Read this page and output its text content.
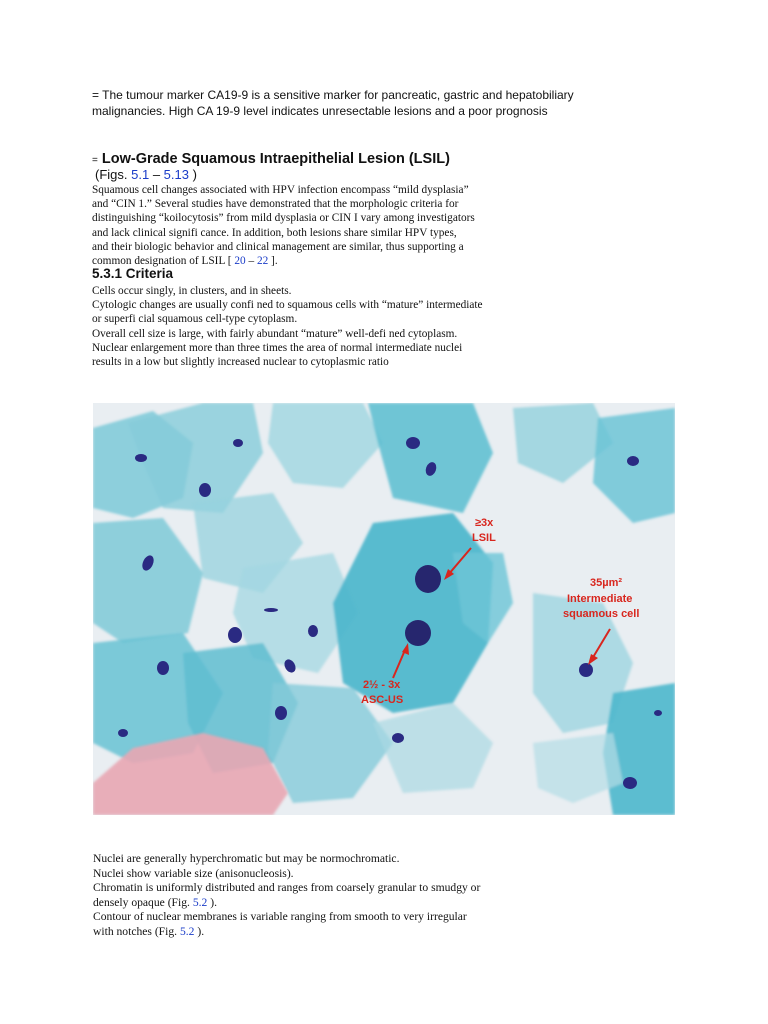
= The tumour marker CA19-9 is a sensitive marker for pancreatic, gastric and hepatobiliary
malignancies. High CA 19-9 level indicates unresectable lesions and a poor prognosis
= Low-Grade Squamous Intraepithelial Lesion (LSIL)
(Figs. 5.1 – 5.13 )
Squamous cell changes associated with HPV infection encompass “mild dysplasia”
and “CIN 1.” Several studies have demonstrated that the morphologic criteria for
distinguishing “koilocytosis” from mild dysplasia or CIN I vary among investigators
and lack clinical signifi cance. In addition, both lesions share similar HPV types,
and their biologic behavior and clinical management are similar, thus supporting a
common designation of LSIL [ 20 – 22 ].
5.3.1 Criteria
Cells occur singly, in clusters, and in sheets.
Cytologic changes are usually confi ned to squamous cells with “mature” intermediate
or superfi cial squamous cell-type cytoplasm.
Overall cell size is large, with fairly abundant “mature” well-defi ned cytoplasm.
Nuclear enlargement more than three times the area of normal intermediate nuclei
results in a low but slightly increased nuclear to cytoplasmic ratio
≥3x
LSIL
35µm²
Intermediate
squamous cell
2½ - 3x
ASC-US
Nuclei are generally hyperchromatic but may be normochromatic.
Nuclei show variable size (anisonucleosis).
Chromatin is uniformly distributed and ranges from coarsely granular to smudgy or
densely opaque (Fig. 5.2 ).
Contour of nuclear membranes is variable ranging from smooth to very irregular
with notches (Fig. 5.2 ).
